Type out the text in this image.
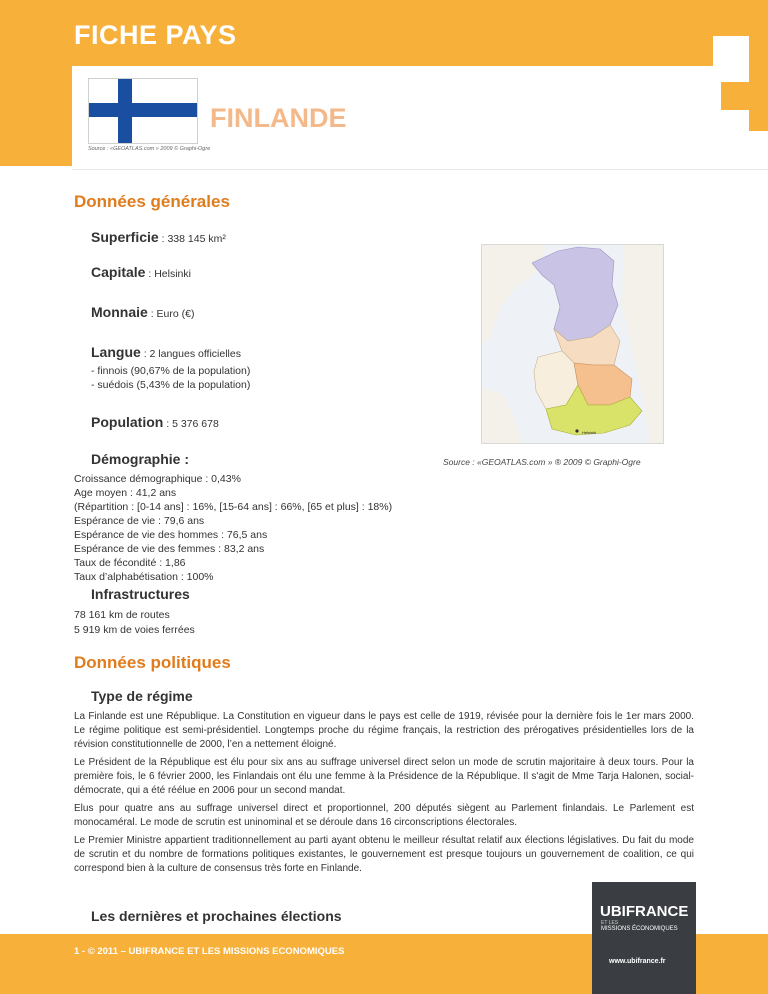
FICHE PAYS
Source : «GEOATLAS.com » 2009 © Graphi-Ogre
FINLANDE
Données générales
Superficie : 338 145 km²
Capitale : Helsinki
Monnaie : Euro (€)
Langue : 2 langues officielles
- finnois (90,67% de la population)
- suédois (5,43% de la population)
Population : 5 376 678
Démographie :
Croissance démographique : 0,43%
Age moyen : 41,2 ans
(Répartition : [0-14 ans] : 16%, [15-64 ans] : 66%, [65 et plus] : 18%)
Espérance de vie : 79,6 ans
Espérance de vie des hommes : 76,5 ans
Espérance de vie des femmes : 83,2 ans
Taux de fécondité : 1,86
Taux d’alphabétisation : 100%
Infrastructures
78 161 km de routes
5 919 km de voies ferrées
Helsinki
Source : «GEOATLAS.com » ® 2009 © Graphi-Ogre
Données politiques
Type de régime

La Finlande est une République. La Constitution en vigueur dans le pays est celle de 1919, révisée pour la dernière fois le 1er mars 2000. Le régime politique est semi-présidentiel. Longtemps proche du régime français, la restriction des prérogatives présidentielles lors de la révision constitutionnelle de 2000, l’en a nettement éloigné.

Le Président de la République est élu pour six ans au suffrage universel direct selon un mode de scrutin majoritaire à deux tours. Pour la première fois, le 6 février 2000, les Finlandais ont élu une femme à la Présidence de la République. Il s'agit de Mme Tarja Halonen, social-démocrate, qui a été réélue en 2006 pour un second mandat.

Elus pour quatre ans au suffrage universel direct et proportionnel, 200 députés siègent au Parlement finlandais. Le Parlement est monocaméral. Le mode de scrutin est uninominal et se déroule dans 16 circonscriptions électorales.

Le Premier Ministre appartient traditionnellement au parti ayant obtenu le meilleur résultat relatif aux élections législatives. Du fait du mode de scrutin et du nombre de formations politiques existantes, le gouvernement est presque toujours un gouvernement de coalition, ce qui correspond bien à la culture de consensus très forte en Finlande.

Les dernières et prochaines élections
1 - © 2011 – UBIFRANCE ET LES MISSIONS ECONOMIQUES
UBIFRANCE
ET LES
MISSIONS ÉCONOMIQUES
www.ubifrance.fr
